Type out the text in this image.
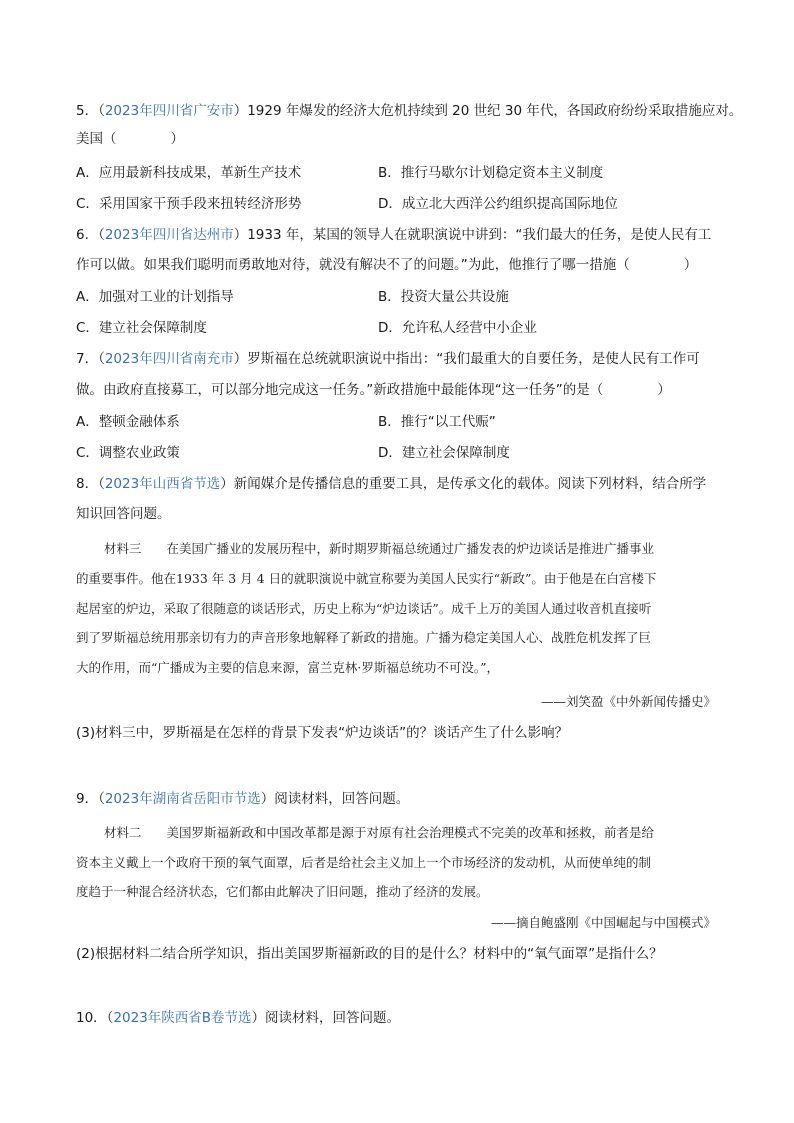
5．（2023年四川省广安市）1929 年爆发的经济大危机持续到 20 世纪 30 年代，各国政府纷纷采取措施应对。
美国（　　　　）
A．应用最新科技成果，革新生产技术	B．推行马歇尔计划稳定资本主义制度
C．采用国家干预手段来扭转经济形势	D．成立北大西洋公约组织提高国际地位
6．（2023年四川省达州市）1933 年，某国的领导人在就职演说中讲到：“我们最大的任务，是使人民有工
作可以做。如果我们聪明而勇敢地对待，就没有解决不了的问题。”为此，他推行了哪一措施（　　　　）
A．加强对工业的计划指导	B．投资大量公共设施
C．建立社会保障制度	D．允许私人经营中小企业
7．（2023年四川省南充市）罗斯福在总统就职演说中指出：“我们最重大的自要任务，是使人民有工作可
做。由政府直接募工，可以部分地完成这一任务。”新政措施中最能体现“这一任务”的是（　　　　）
A．整顿金融体系	B．推行“以工代赈”
C．调整农业政策	D．建立社会保障制度
8．（2023年山西省节选）新闻媒介是传播信息的重要工具，是传承文化的载体。阅读下列材料，结合所学
知识回答问题。
材料三　　在美国广播业的发展历程中，新时期罗斯福总统通过广播发表的炉边谈话是推进广播事业
的重要事件。他在1933 年 3 月 4 日的就职演说中就宣称要为美国人民实行“新政”。由于他是在白宫楼下
起居室的炉边，采取了很随意的谈话形式，历史上称为“炉边谈话”。成千上万的美国人通过收音机直接听
到了罗斯福总统用那亲切有力的声音形象地解释了新政的措施。广播为稳定美国人心、战胜危机发挥了巨
大的作用，而“广播成为主要的信息来源，富兰克林·罗斯福总统功不可没。”，
——刘笑盈《中外新闻传播史》
(3)材料三中，罗斯福是在怎样的背景下发表“炉边谈话”的？谈话产生了什么影响？
9．（2023年湖南省岳阳市节选）阅读材料，回答问题。
材料二　　美国罗斯福新政和中国改革都是源于对原有社会治理模式不完美的改革和拯救，前者是给
资本主义戴上一个政府干预的氧气面罩，后者是给社会主义加上一个市场经济的发动机，从而使单纯的制
度趋于一种混合经济状态，它们都由此解决了旧问题，推动了经济的发展。
——摘自鲍盛刚《中国崛起与中国模式》
(2)根据材料二结合所学知识，指出美国罗斯福新政的目的是什么？材料中的“氧气面罩”是指什么？
10．（2023年陕西省B卷节选）阅读材料，回答问题。
